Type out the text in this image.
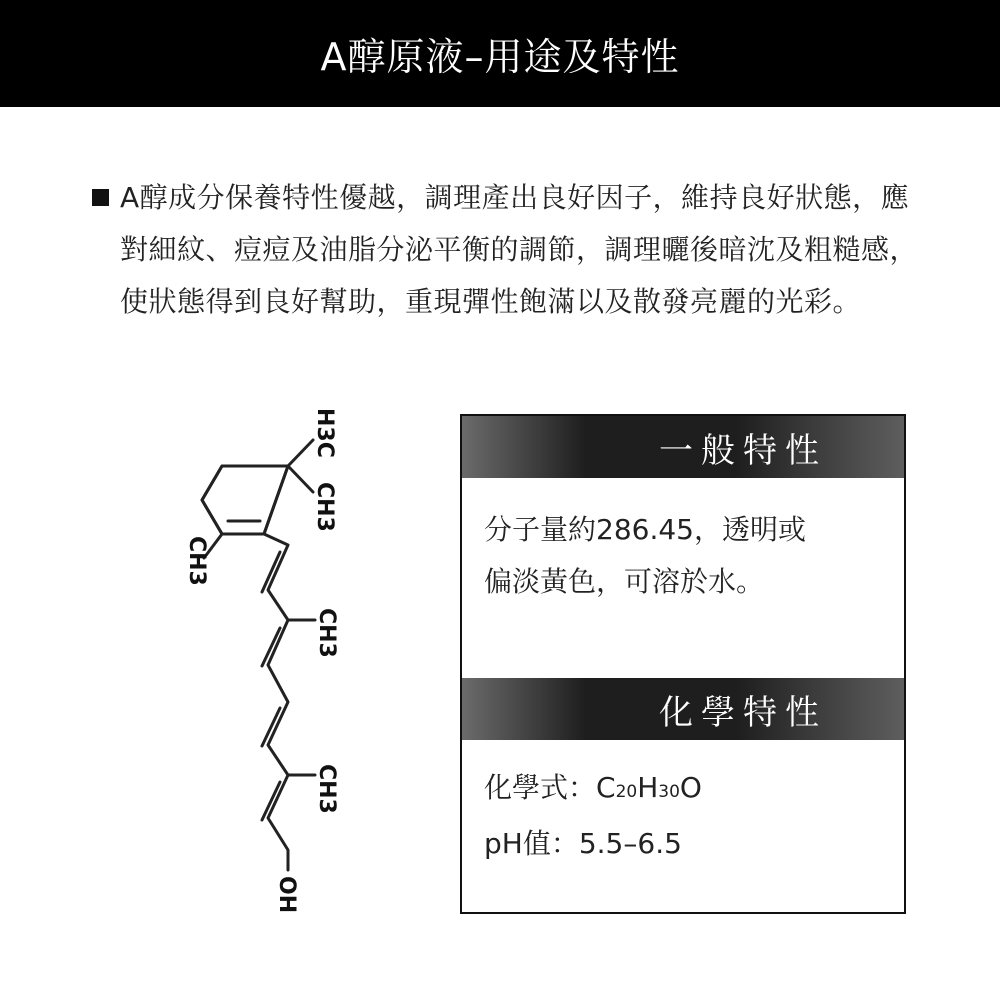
A醇原液–用途及特性
A醇成分保養特性優越，調理產出良好因子，維持良好狀態，應對細紋、痘痘及油脂分泌平衡的調節，調理曬後暗沈及粗糙感，使狀態得到良好幫助，重現彈性飽滿以及散發亮麗的光彩。
H3C
CH3
CH3
CH3
CH3
OH
一般特性
分子量約286.45，透明或
偏淡黃色，可溶於水。
化學特性
化學式：C20H30O
pH值：5.5–6.5
